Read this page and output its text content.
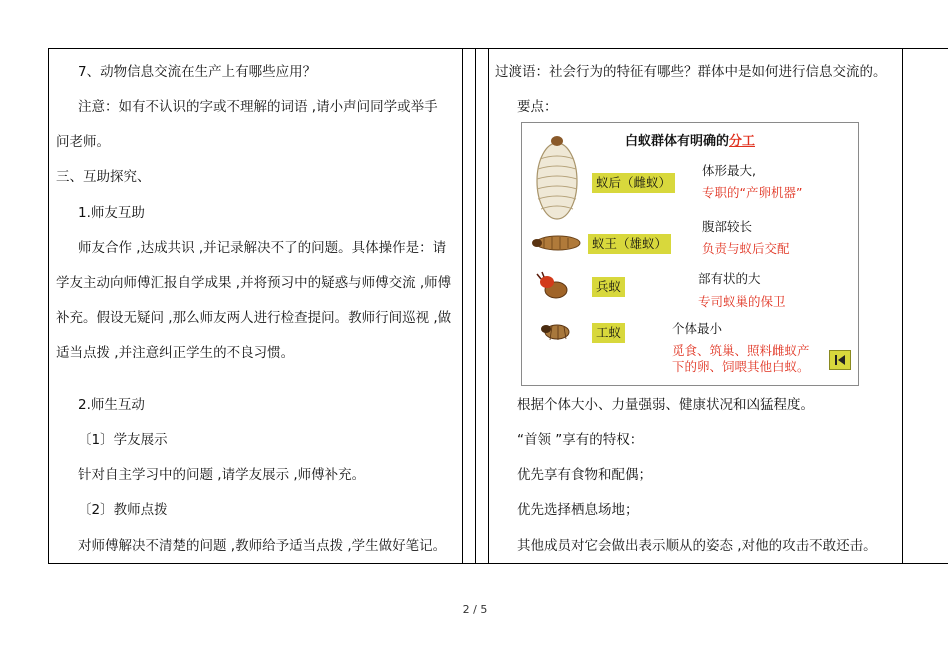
7、动物信息交流在生产上有哪些应用？
注意：如有不认识的字或不理解的词语 ,请小声问同学或举手
问老师。
三、互助探究、
1.师友互助
师友合作 ,达成共识 ,并记录解决不了的问题。具体操作是：请
学友主动向师傅汇报自学成果 ,并将预习中的疑惑与师傅交流 ,师傅
补充。假设无疑问 ,那么师友两人进行检查提问。教师行间巡视 ,做
适当点拨 ,并注意纠正学生的不良习惯。
2.师生互动
〔1〕学友展示
针对自主学习中的问题 ,请学友展示 ,师傅补充。
〔2〕教师点拨
对师傅解决不清楚的问题 ,教师给予适当点拨 ,学生做好笔记。
过渡语：社会行为的特征有哪些？群体中是如何进行信息交流的。
要点：
白蚁群体有明确的分工
蚁后（雌蚁）
体形最大,
专职的“产卵机器”
蚁王（雄蚁）
腹部较长
负责与蚁后交配
兵蚁
部有状的大
专司蚁巢的保卫
工蚁	个体最小
觅食、筑巢、照料雌蚁产
下的卵、饲喂其他白蚁。
根据个体大小、力量强弱、健康状况和凶猛程度。
“首领 ”享有的特权：
优先享有食物和配偶；
优先选择栖息场地；
其他成员对它会做出表示顺从的姿态 ,对他的攻击不敢还击。
2 / 5
